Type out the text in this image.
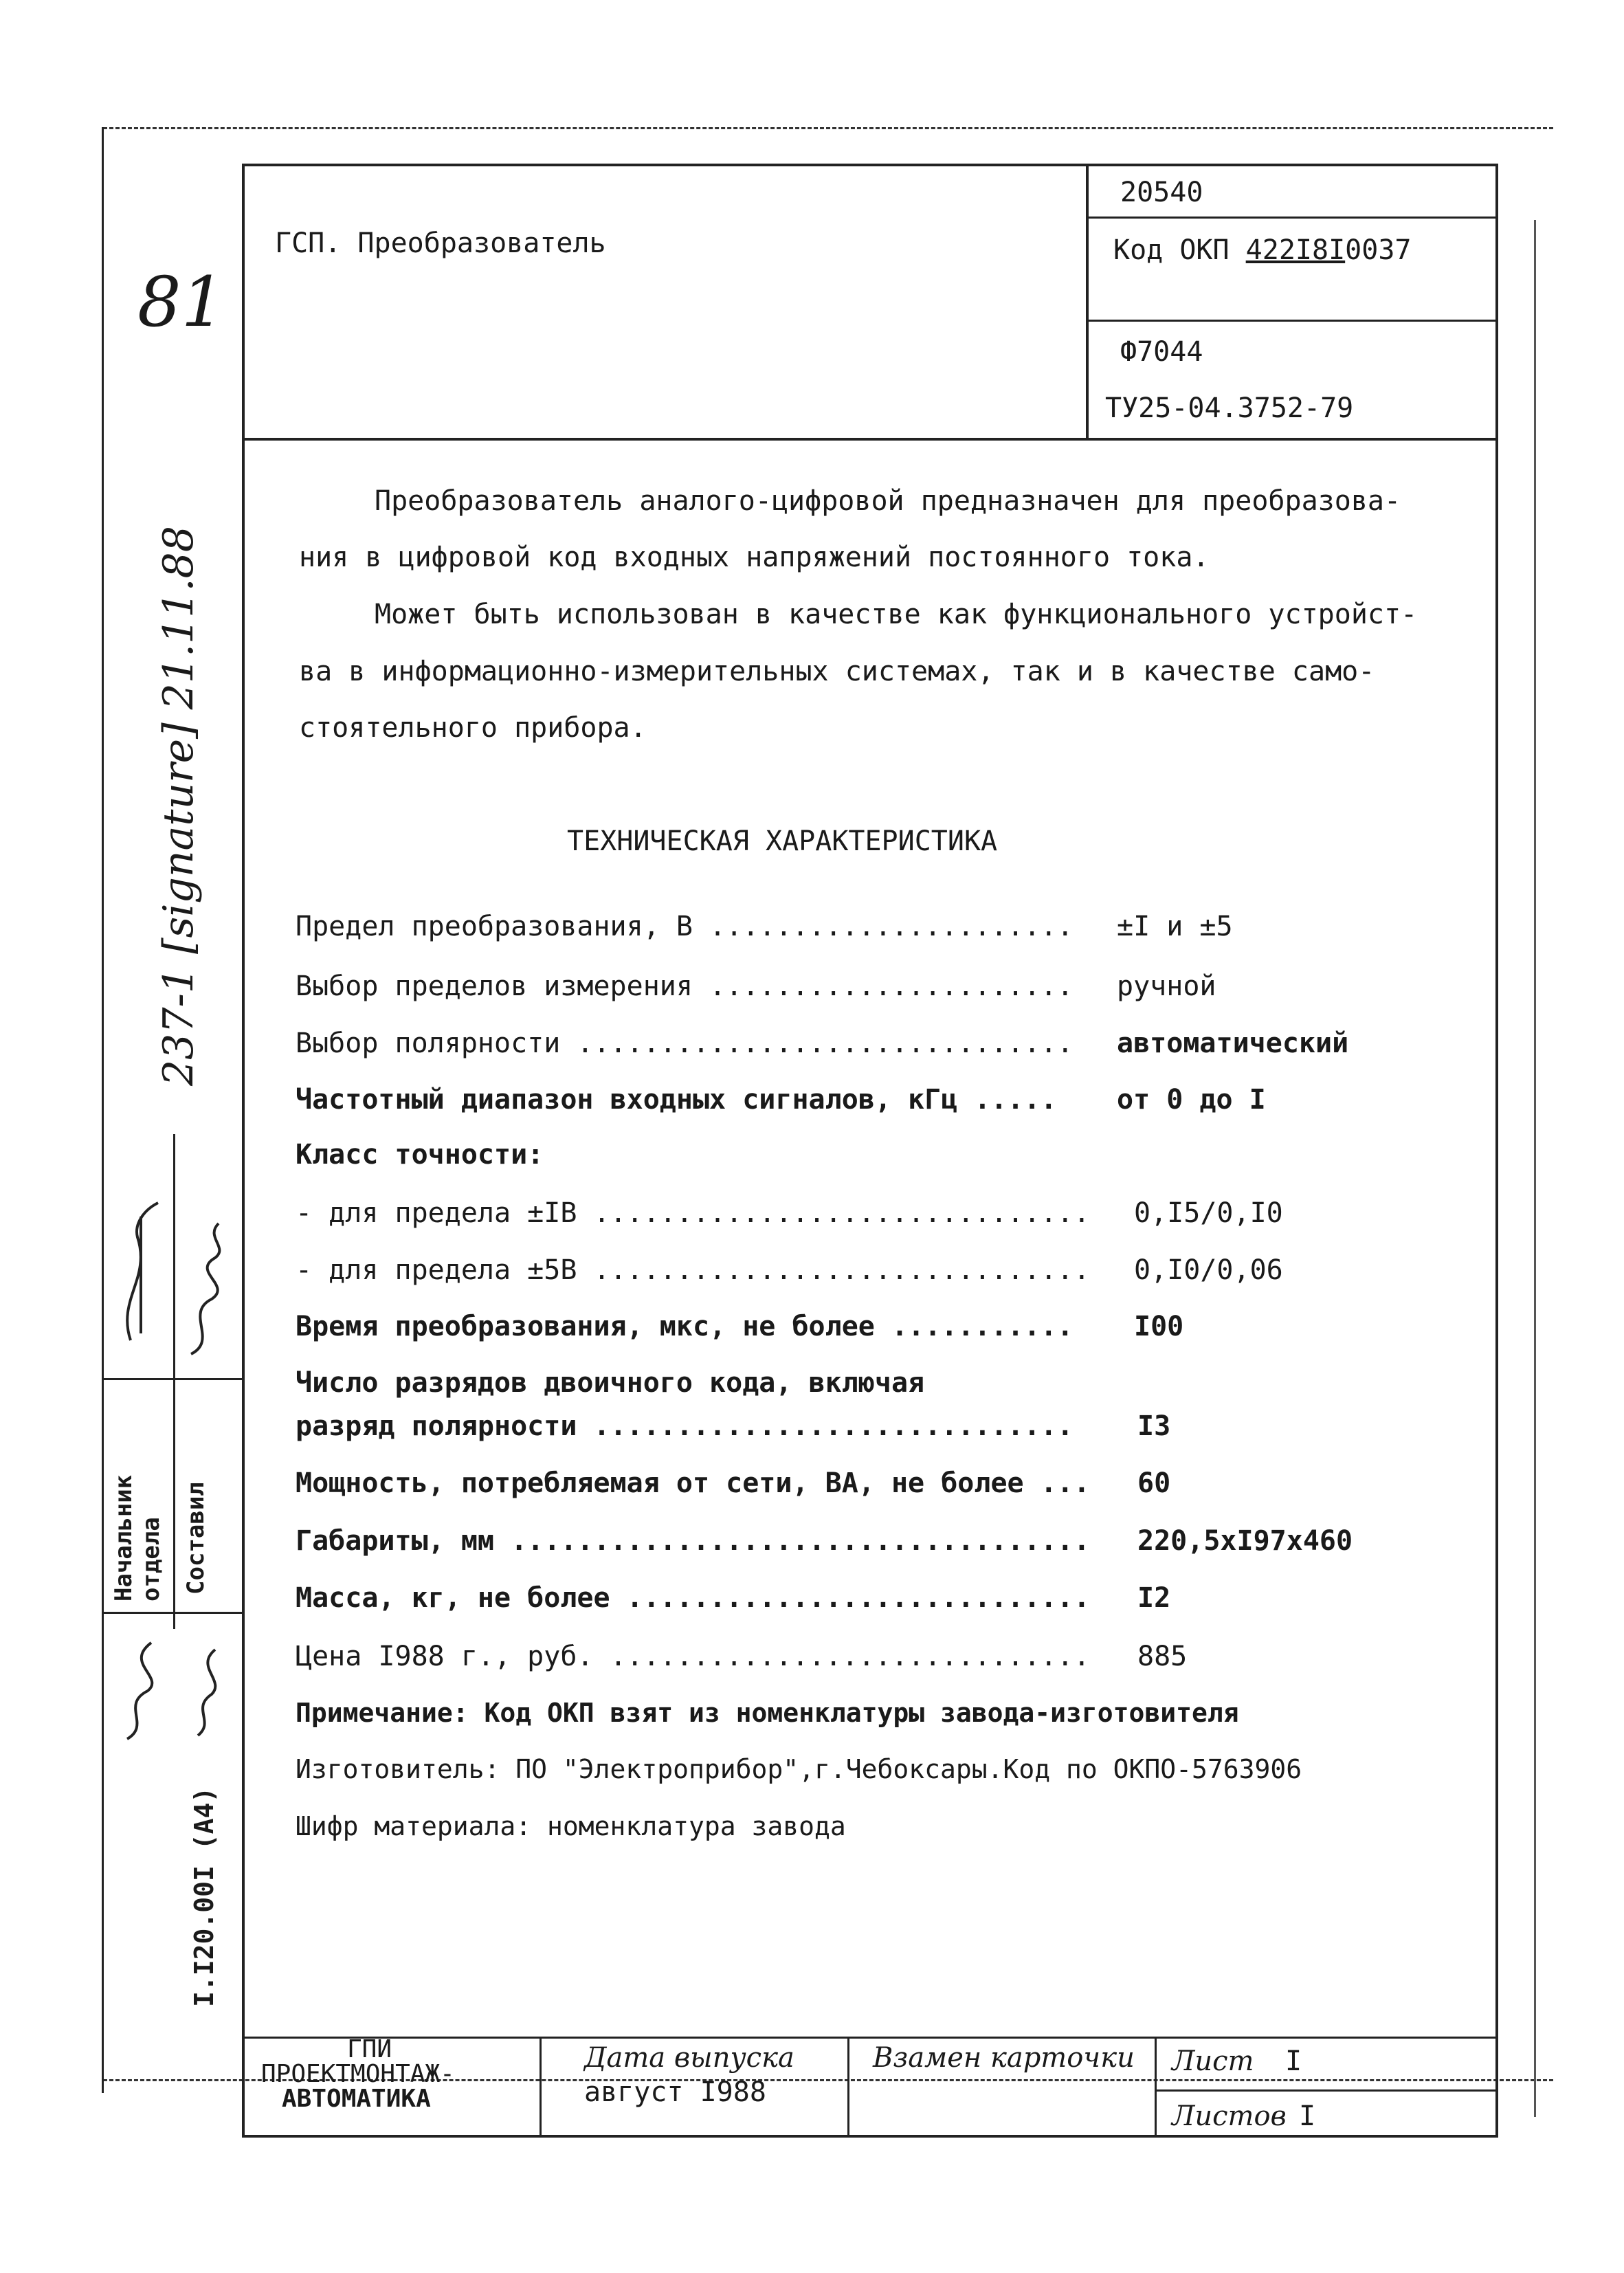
81
237-1 [signature] 21.11.88
ГСП. Преобразователь
20540
Код ОКП 422I8I0037
Ф7044
ТУ25-04.3752-79
Преобразователь аналого-цифровой предназначен для преобразова-
ния в цифровой код входных напряжений постоянного тока.
Может быть использован в качестве как функционального устройст-
ва в информационно-измерительных системах, так и в качестве само-
стоятельного прибора.
ТЕХНИЧЕСКАЯ ХАРАКТЕРИСТИКА
Предел преобразования, В ...................... ±I и ±5
Выбор пределов измерения ...................... ручной
Выбор полярности .............................. автоматический
Частотный диапазон входных сигналов, кГц ..... от 0 до I
Класс точности:
- для предела ±IB .............................. 0,I5/0,I0
- для предела ±5B .............................. 0,I0/0,06
Время преобразования, мкс, не более ........... I00
Число разрядов двоичного кода, включая
разряд полярности ............................. I3
Мощность, потребляемая от сети, ВА, не более ... 60
Габариты, мм ................................... 220,5xI97x460
Масса, кг, не более ............................ I2
Цена I988 г., руб. ............................. 885
Примечание: Код ОКП взят из номенклатуры завода-изготовителя
Изготовитель: ПО "Электроприбор",г.Чебоксары.Код по ОКПО-5763906
Шифр материала: номенклатура завода
Начальник отдела Составил
I.I20.00I (А4)
ГПИ
ПРОЕКТМОНТАЖ-
АВТОМАТИКА
Дата выпуска
август I988
Взамен карточки Лист I
Листов I
